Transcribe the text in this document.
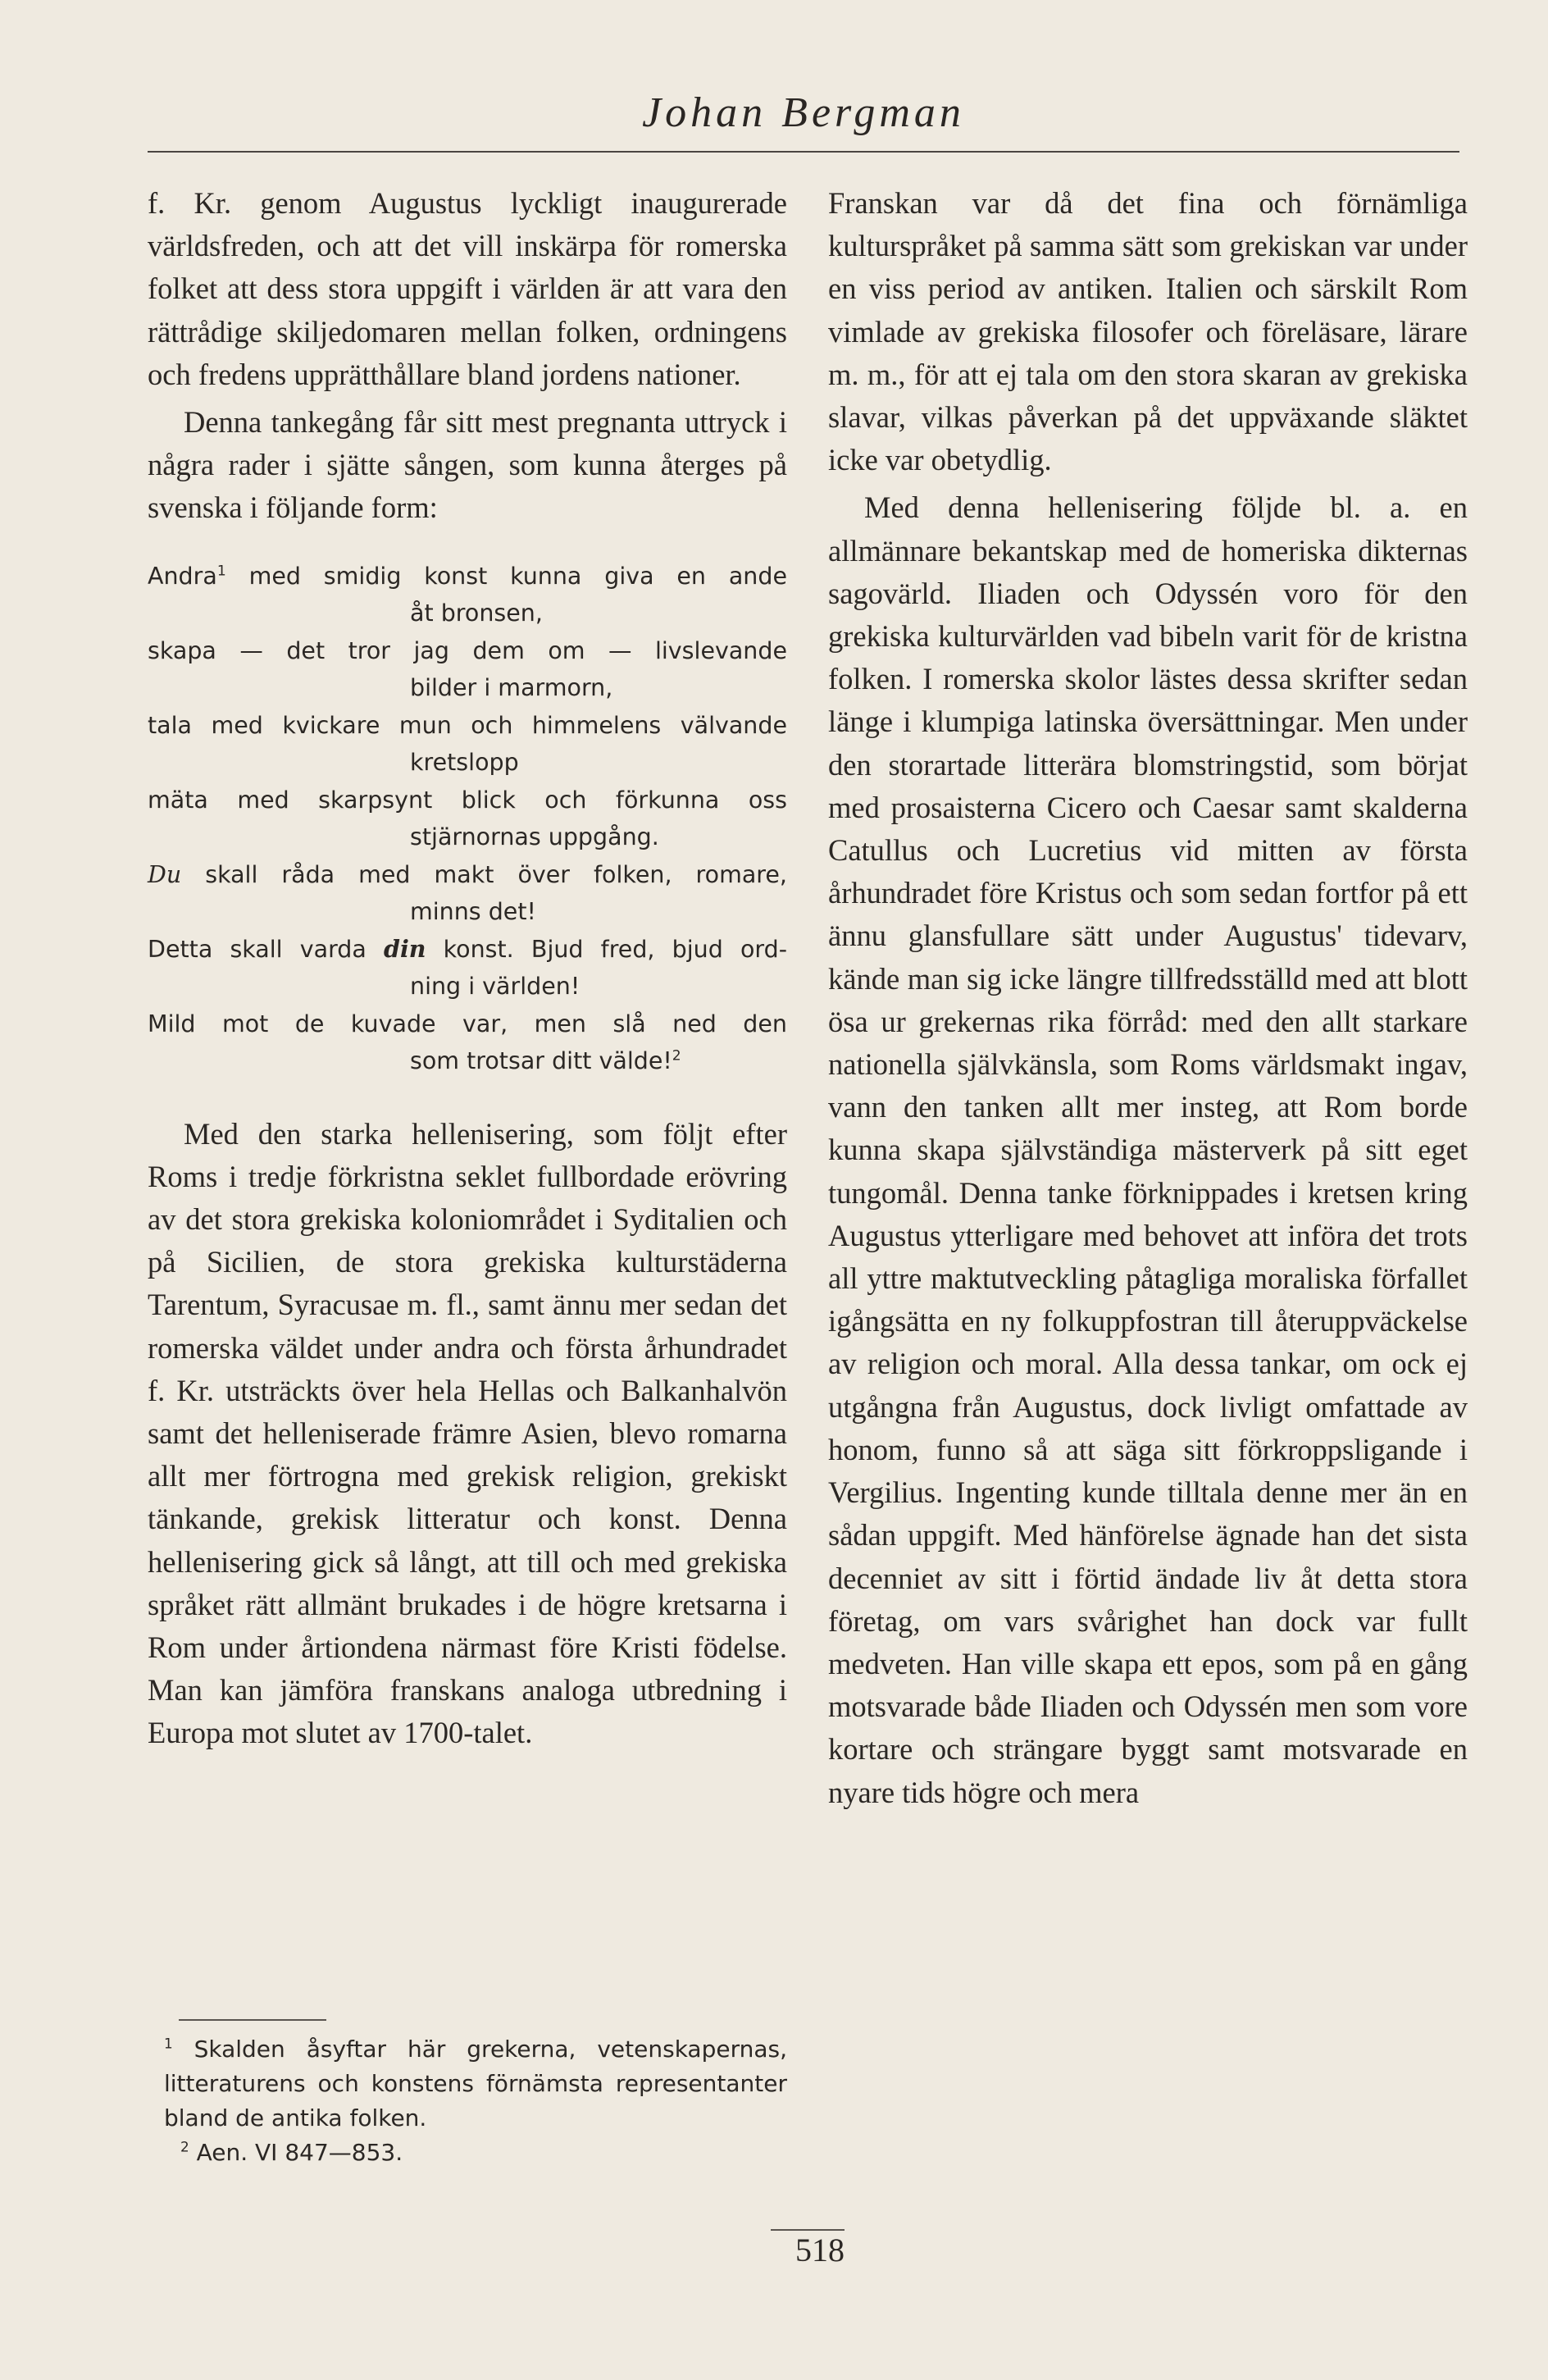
Johan Bergman

f. Kr. genom Augustus lyckligt inaugurerade världsfreden, och att det vill inskärpa för romerska folket att dess stora uppgift i världen är att vara den rättrådige skiljedomaren mellan folken, ordningens och fredens upprätthållare bland jordens nationer.

Denna tankegång får sitt mest pregnanta uttryck i några rader i sjätte sången, som kunna återges på svenska i följande form:

Andra$^1$ med smidig konst kunna giva en ande
åt bronsen,
skapa — det tror jag dem om — livslevande
bilder i marmorn,
tala med kvickare mun och himmelens välvande
kretslopp
mäta med skarpsynt blick och förkunna oss
stjärnornas uppgång.
Du skall råda med makt över folken, romare,
minns det!
Detta skall varda din konst. Bjud fred, bjud ord-
ning i världen!
Mild mot de kuvade var, men slå ned den
som trotsar ditt välde!$^2$

Med den starka hellenisering, som följt efter Roms i tredje förkristna seklet fullbordade erövring av det stora grekiska koloniområdet i Syditalien och på Sicilien, de stora grekiska kulturstäderna Tarentum, Syracusae m. fl., samt ännu mer sedan det romerska väldet under andra och första århundradet f. Kr. utsträckts över hela Hellas och Balkanhalvön samt det helleniserade främre Asien, blevo romarna allt mer förtrogna med grekisk religion, grekiskt tänkande, grekisk litteratur och konst. Denna hellenisering gick så långt, att till och med grekiska språket rätt allmänt brukades i de högre kretsarna i Rom under årtiondena närmast före Kristi födelse. Man kan jämföra franskans analoga utbredning i Europa mot slutet av 1700-talet.

$^1$ Skalden åsyftar här grekerna, vetenskapernas, litteraturens och konstens förnämsta representanter bland de antika folken.

$^2$ Aen. VI 847—853.

Franskan var då det fina och förnämliga kulturspråket på samma sätt som grekiskan var under en viss period av antiken. Italien och särskilt Rom vimlade av grekiska filosofer och föreläsare, lärare m. m., för att ej tala om den stora skaran av grekiska slavar, vilkas påverkan på det uppväxande släktet icke var obetydlig.

Med denna hellenisering följde bl. a. en allmännare bekantskap med de homeriska dikternas sagovärld. Iliaden och Odyssén voro för den grekiska kulturvärlden vad bibeln varit för de kristna folken. I romerska skolor lästes dessa skrifter sedan länge i klumpiga latinska översättningar. Men under den storartade litterära blomstringstid, som börjat med prosaisterna Cicero och Caesar samt skalderna Catullus och Lucretius vid mitten av första århundradet före Kristus och som sedan fortfor på ett ännu glansfullare sätt under Augustus' tidevarv, kände man sig icke längre tillfredsställd med att blott ösa ur grekernas rika förråd: med den allt starkare nationella självkänsla, som Roms världsmakt ingav, vann den tanken allt mer insteg, att Rom borde kunna skapa självständiga mästerverk på sitt eget tungomål. Denna tanke förknippades i kretsen kring Augustus ytterligare med behovet att införa det trots all yttre maktutveckling påtagliga moraliska förfallet igångsätta en ny folkuppfostran till återuppväckelse av religion och moral. Alla dessa tankar, om ock ej utgångna från Augustus, dock livligt omfattade av honom, funno så att säga sitt förkroppsligande i Vergilius. Ingenting kunde tilltala denne mer än en sådan uppgift. Med hänförelse ägnade han det sista decenniet av sitt i förtid ändade liv åt detta stora företag, om vars svårighet han dock var fullt medveten. Han ville skapa ett epos, som på en gång motsvarade både Iliaden och Odyssén men som vore kortare och strängare byggt samt motsvarade en nyare tids högre och mera

518
